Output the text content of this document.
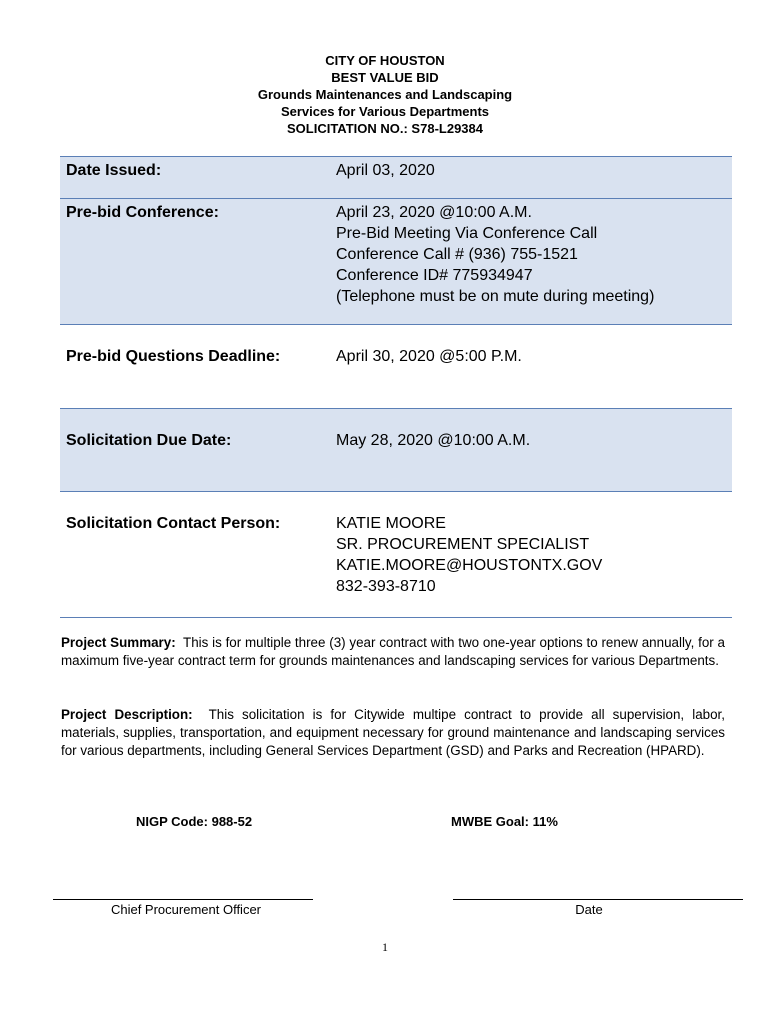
CITY OF HOUSTON
BEST VALUE BID
Grounds Maintenances and Landscaping
Services for Various Departments
SOLICITATION NO.: S78-L29384
Date Issued:	April 03, 2020
Pre-bid Conference:	April 23, 2020 @10:00 A.M.
Pre-Bid Meeting Via Conference Call
Conference Call # (936) 755-1521
Conference ID# 775934947
(Telephone must be on mute during meeting)
Pre-bid Questions Deadline:	April 30, 2020 @5:00 P.M.
Solicitation Due Date:	May 28, 2020 @10:00 A.M.
Solicitation Contact Person:	KATIE MOORE
SR. PROCUREMENT SPECIALIST
KATIE.MOORE@HOUSTONTX.GOV
832-393-8710
Project Summary: This is for multiple three (3) year contract with two one-year options to renew annually, for a maximum five-year contract term for grounds maintenances and landscaping services for various Departments.
Project Description: This solicitation is for Citywide multipe contract to provide all supervision, labor, materials, supplies, transportation, and equipment necessary for ground maintenance and landscaping services for various departments, including General Services Department (GSD) and Parks and Recreation (HPARD).
NIGP Code: 988-52	MWBE Goal: 11%
Chief Procurement Officer	Date
1
